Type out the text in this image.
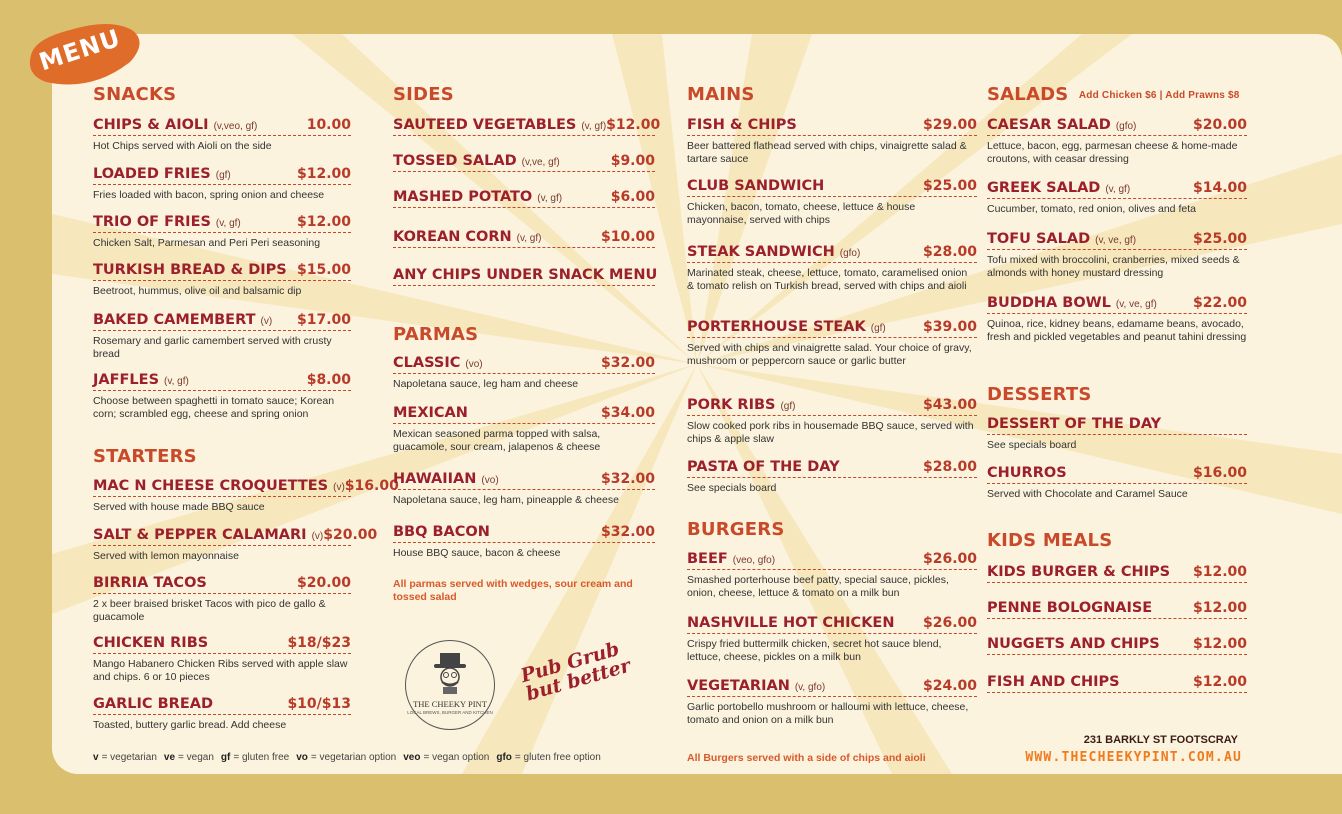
SNACKS
CHIPS & AIOLI (v,veo, gf)	10.00
Hot Chips served with Aioli on the side
LOADED FRIES (gf)	$12.00
Fries loaded with bacon, spring onion and cheese
TRIO OF FRIES (v, gf)	$12.00
Chicken Salt, Parmesan and Peri Peri seasoning
TURKISH BREAD & DIPS $15.00
Beetroot, hummus, olive oil and balsamic dip
BAKED CAMEMBERT (v) $17.00
Rosemary and garlic camembert served with crusty bread
JAFFLES (v, gf)	$8.00
Choose between spaghetti in tomato sauce; Korean corn; scrambled egg, cheese and spring onion
STARTERS
MAC N CHEESE CROQUETTES (v) $16.00
Served with house made BBQ sauce
SALT & PEPPER CALAMARI (v) $20.00
Served with lemon mayonnaise
BIRRIA TACOS	$20.00
2 x beer braised brisket Tacos with pico de gallo & guacamole
CHICKEN RIBS	$18/$23
Mango Habanero Chicken Ribs served with apple slaw and chips. 6 or 10 pieces
GARLIC BREAD	$10/$13
Toasted, buttery garlic bread. Add cheese
SIDES
SAUTEED VEGETABLES (v, gf) $12.00
TOSSED SALAD (v,ve, gf)	$9.00
MASHED POTATO (v, gf)	$6.00
KOREAN CORN (v, gf)	$10.00
ANY CHIPS UNDER SNACK MENU
PARMAS
CLASSIC (vo)	$32.00
Napoletana sauce, leg ham and cheese
MEXICAN	$34.00
Mexican seasoned parma topped with salsa, guacamole, sour cream, jalapenos & cheese
HAWAIIAN (vo)	$32.00
Napoletana sauce, leg ham, pineapple & cheese
BBQ BACON	$32.00
House BBQ sauce, bacon & cheese
All parmas served with wedges, sour cream and tossed salad
MAINS
FISH & CHIPS	$29.00
Beer battered flathead served with chips, vinaigrette salad & tartare sauce
CLUB SANDWICH	$25.00
Chicken, bacon, tomato, cheese, lettuce & house mayonnaise, served with chips
STEAK SANDWICH (gfo)	$28.00
Marinated steak, cheese, lettuce, tomato, caramelised onion & tomato relish on Turkish bread, served with chips and aioli
PORTERHOUSE STEAK (gf)	$39.00
Served with chips and vinaigrette salad. Your choice of gravy, mushroom or peppercorn sauce or garlic butter
PORK RIBS (gf)	$43.00
Slow cooked pork ribs in housemade BBQ sauce, served with chips & apple slaw
PASTA OF THE DAY	$28.00
See specials board
BURGERS
BEEF (veo, gfo)	$26.00
Smashed porterhouse beef patty, special sauce, pickles, onion, cheese, lettuce & tomato on a milk bun
NASHVILLE HOT CHICKEN $26.00
Crispy fried buttermilk chicken, secret hot sauce blend, lettuce, cheese, pickles on a milk bun
VEGETARIAN (v, gfo)	$24.00
Garlic portobello mushroom or halloumi with lettuce, cheese, tomato and onion on a milk bun
SALADS Add Chicken $6 | Add Prawns $8
CAESAR SALAD (gfo)	$20.00
Lettuce, bacon, egg, parmesan cheese & home-made croutons, with ceasar dressing
GREEK SALAD (v, gf)	$14.00
Cucumber, tomato, red onion, olives and feta
TOFU SALAD (v, ve, gf)	$25.00
Tofu mixed with broccolini, cranberries, mixed seeds & almonds with honey mustard dressing
BUDDHA BOWL (v, ve, gf)	$22.00
Quinoa, rice, kidney beans, edamame beans, avocado, fresh and pickled vegetables and peanut tahini dressing
DESSERTS
DESSERT OF THE DAY
See specials board
CHURROS	$16.00
Served with Chocolate and Caramel Sauce
KIDS MEALS
KIDS BURGER & CHIPS $12.00
PENNE BOLOGNAISE	$12.00
NUGGETS AND CHIPS $12.00
FISH AND CHIPS	$12.00
THE CHEEKY PINT
LOCAL BREWS, BURGER AND KITCHEN
Pub Grub but better
v = vegetarian ve = vegan gf = gluten free vo = vegetarian option veo = vegan option gfo = gluten free option	All Burgers served with a side of chips and aioli
231 BARKLY ST FOOTSCRAY
WWW.THECHEEKYPINT.COM.AU
MENU
